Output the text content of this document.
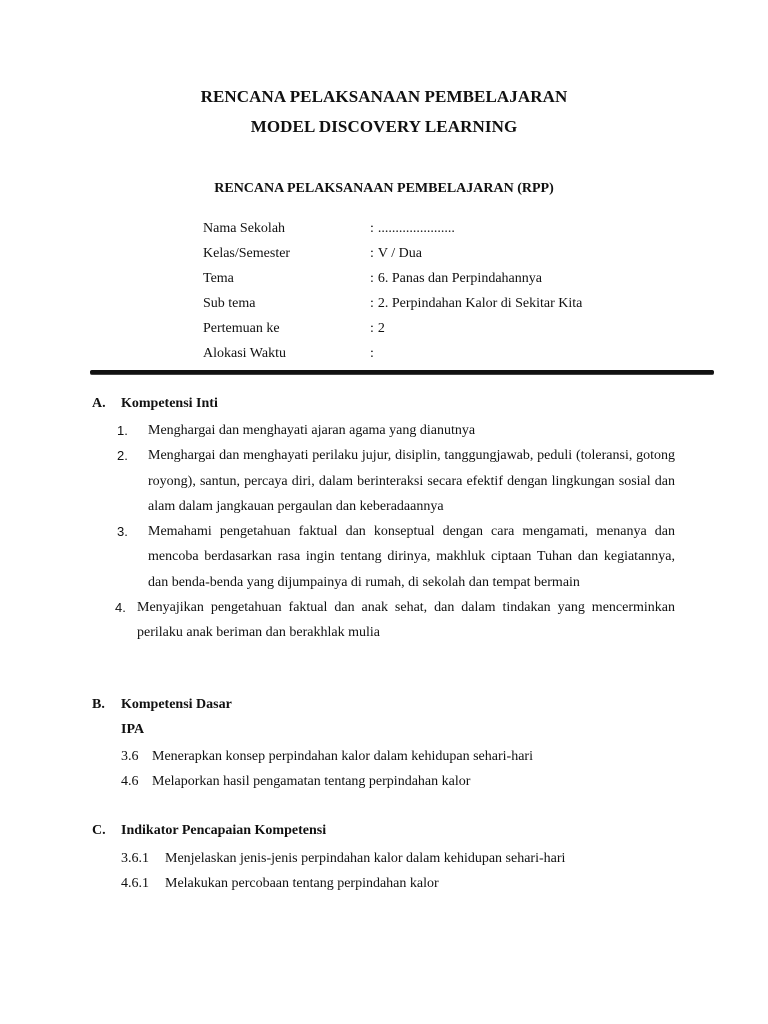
RENCANA PELAKSANAAN PEMBELAJARAN
MODEL DISCOVERY LEARNING
RENCANA PELAKSANAAN PEMBELAJARAN (RPP)
Nama Sekolah	: ......................
Kelas/Semester	: V / Dua
Tema	: 6. Panas dan Perpindahannya
Sub tema	: 2. Perpindahan Kalor di Sekitar Kita
Pertemuan ke	: 2
Alokasi Waktu	:
A. Kompetensi Inti
1. Menghargai dan menghayati ajaran agama yang dianutnya
2. Menghargai dan menghayati perilaku jujur, disiplin, tanggungjawab, peduli (toleransi, gotong royong), santun, percaya diri, dalam berinteraksi secara efektif dengan lingkungan sosial dan alam dalam jangkauan pergaulan dan keberadaannya
3. Memahami pengetahuan faktual dan konseptual dengan cara mengamati, menanya dan mencoba berdasarkan rasa ingin tentang dirinya, makhluk ciptaan Tuhan dan kegiatannya, dan benda-benda yang dijumpainya di rumah, di sekolah dan tempat bermain
4. Menyajikan pengetahuan faktual dan anak sehat, dan dalam tindakan yang mencerminkan perilaku anak beriman dan berakhlak mulia
B. Kompetensi Dasar
IPA
3.6 Menerapkan konsep perpindahan kalor dalam kehidupan sehari-hari
4.6 Melaporkan hasil pengamatan tentang perpindahan kalor
C. Indikator Pencapaian Kompetensi
3.6.1 Menjelaskan jenis-jenis perpindahan kalor dalam kehidupan sehari-hari
4.6.1 Melakukan percobaan tentang perpindahan kalor
